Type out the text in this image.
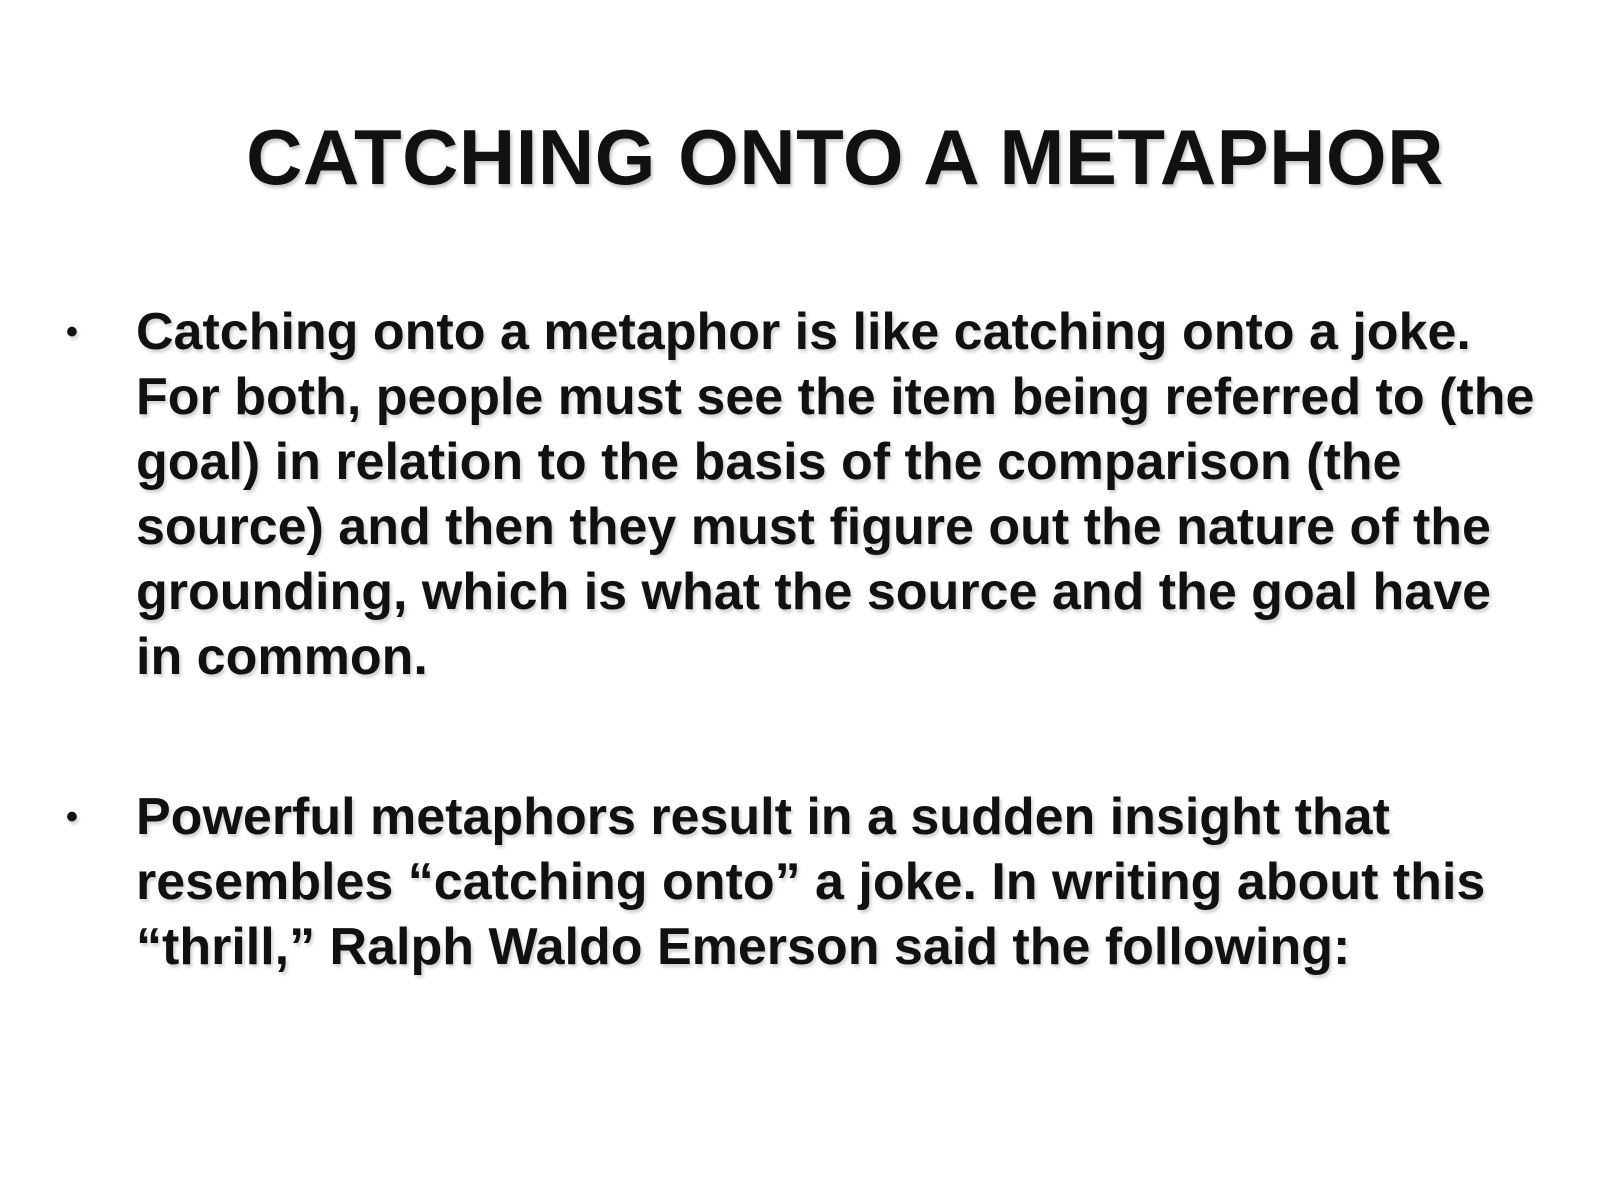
CATCHING ONTO A METAPHOR
• Catching onto a metaphor is like catching onto a joke. For both, people must see the item being referred to (the goal) in relation to the basis of the comparison (the source) and then they must figure out the nature of the grounding, which is what the source and the goal have in common.
• Powerful metaphors result in a sudden insight that resembles “catching onto” a joke. In writing about this “thrill,” Ralph Waldo Emerson said the following:
